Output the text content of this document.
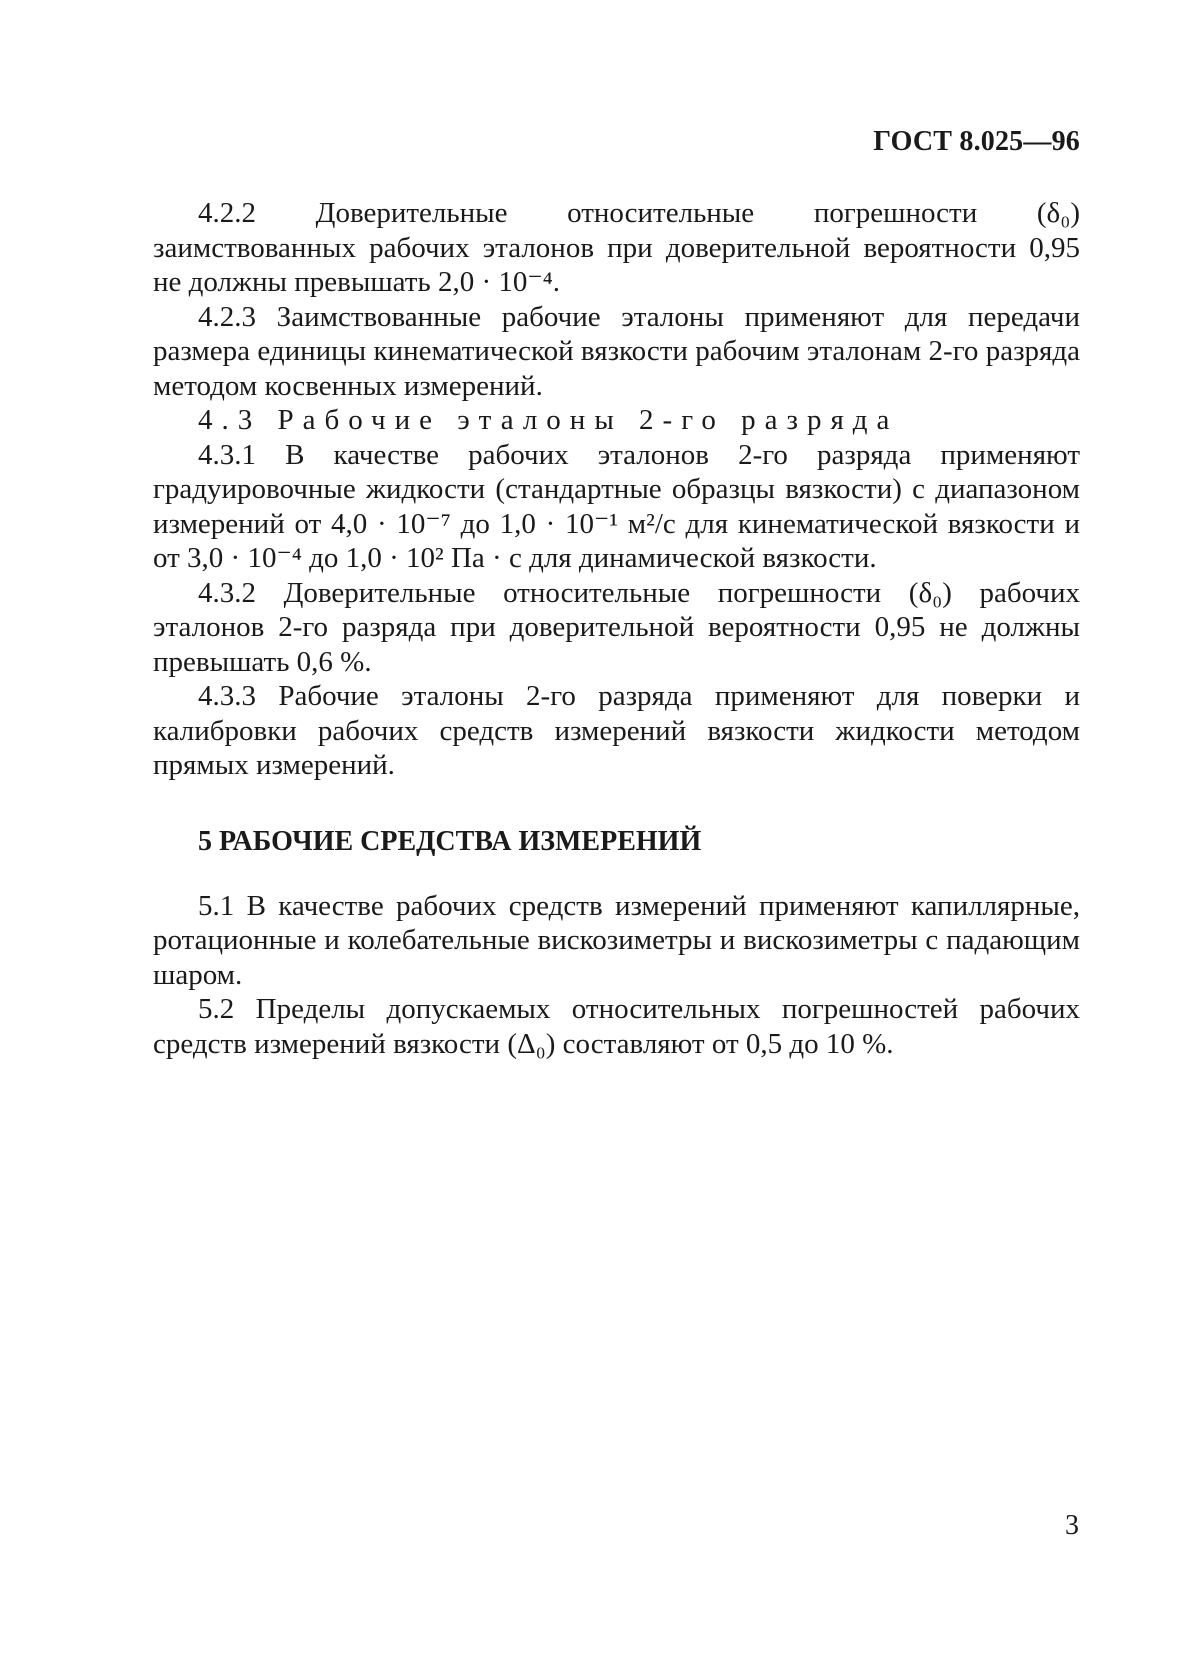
ГОСТ 8.025—96

4.2.2 Доверительные относительные погрешности (δ₀) заимствованных рабочих эталонов при доверительной вероятности 0,95 не должны превышать 2,0 · 10⁻⁴.

4.2.3 Заимствованные рабочие эталоны применяют для передачи размера единицы кинематической вязкости рабочим эталонам 2-го разряда методом косвенных измерений.

4.3 Рабочие эталоны 2-го разряда

4.3.1 В качестве рабочих эталонов 2-го разряда применяют градуировочные жидкости (стандартные образцы вязкости) с диапазоном измерений от 4,0 · 10⁻⁷ до 1,0 · 10⁻¹ м²/с для кинематической вязкости и от 3,0 · 10⁻⁴ до 1,0 · 10² Па · с для динамической вязкости.

4.3.2 Доверительные относительные погрешности (δ₀) рабочих эталонов 2-го разряда при доверительной вероятности 0,95 не должны превышать 0,6 %.

4.3.3 Рабочие эталоны 2-го разряда применяют для поверки и калибровки рабочих средств измерений вязкости жидкости методом прямых измерений.

5 РАБОЧИЕ СРЕДСТВА ИЗМЕРЕНИЙ

5.1 В качестве рабочих средств измерений применяют капиллярные, ротационные и колебательные вискозиметры и вискозиметры с падающим шаром.

5.2 Пределы допускаемых относительных погрешностей рабочих средств измерений вязкости (Δ₀) составляют от 0,5 до 10 %.

3
